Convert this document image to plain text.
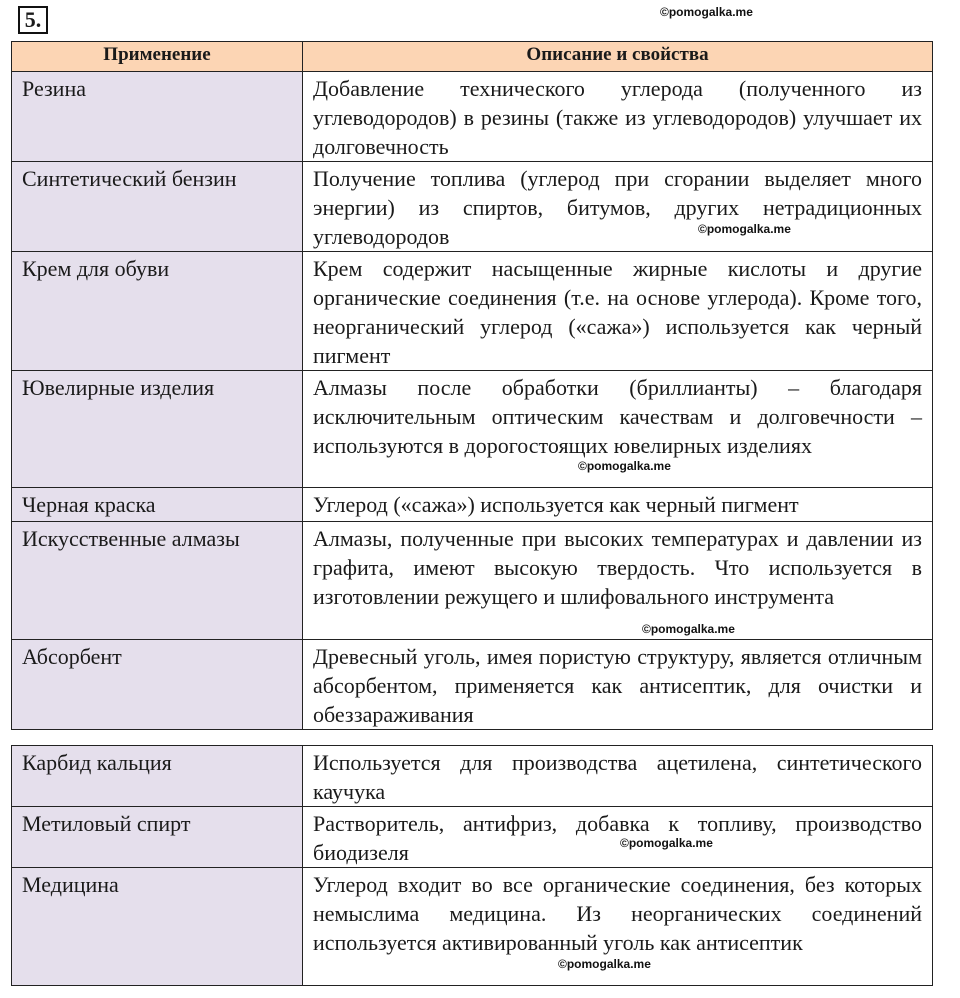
5.	©pomogalka.me
Применение	Описание и свойства
Резина	Добавление технического углерода (полученного из углеводородов) в резины (также из углеводородов) улучшает их долговечность
Синтетический бензин	Получение топлива (углерод при сгорании выделяет много энергии) из спиртов, битумов, других нетрадиционных углеводородов
Крем для обуви	Крем содержит насыщенные жирные кислоты и другие органические соединения (т.е. на основе углерода). Кроме того, неорганический углерод («сажа») используется как черный пигмент
Ювелирные изделия	Алмазы после обработки (бриллианты) – благодаря исключительным оптическим качествам и долговечности – используются в дорогостоящих ювелирных изделиях
Черная краска	Углерод («сажа») используется как черный пигмент
Искусственные алмазы	Алмазы, полученные при высоких температурах и давлении из графита, имеют высокую твердость. Что используется в изготовлении режущего и шлифовального инструмента
Абсорбент	Древесный уголь, имея пористую структуру, является отличным абсорбентом, применяется как антисептик, для очистки и обеззараживания
Карбид кальция	Используется для производства ацетилена, синтетического каучука
Метиловый спирт	Растворитель, антифриз, добавка к топливу, производство биодизеля
Медицина	Углерод входит во все органические соединения, без которых немыслима медицина. Из неорганических соединений используется активированный уголь как антисептик
©pomogalka.me
©pomogalka.me
©pomogalka.me
©pomogalka.me
©pomogalka.me
